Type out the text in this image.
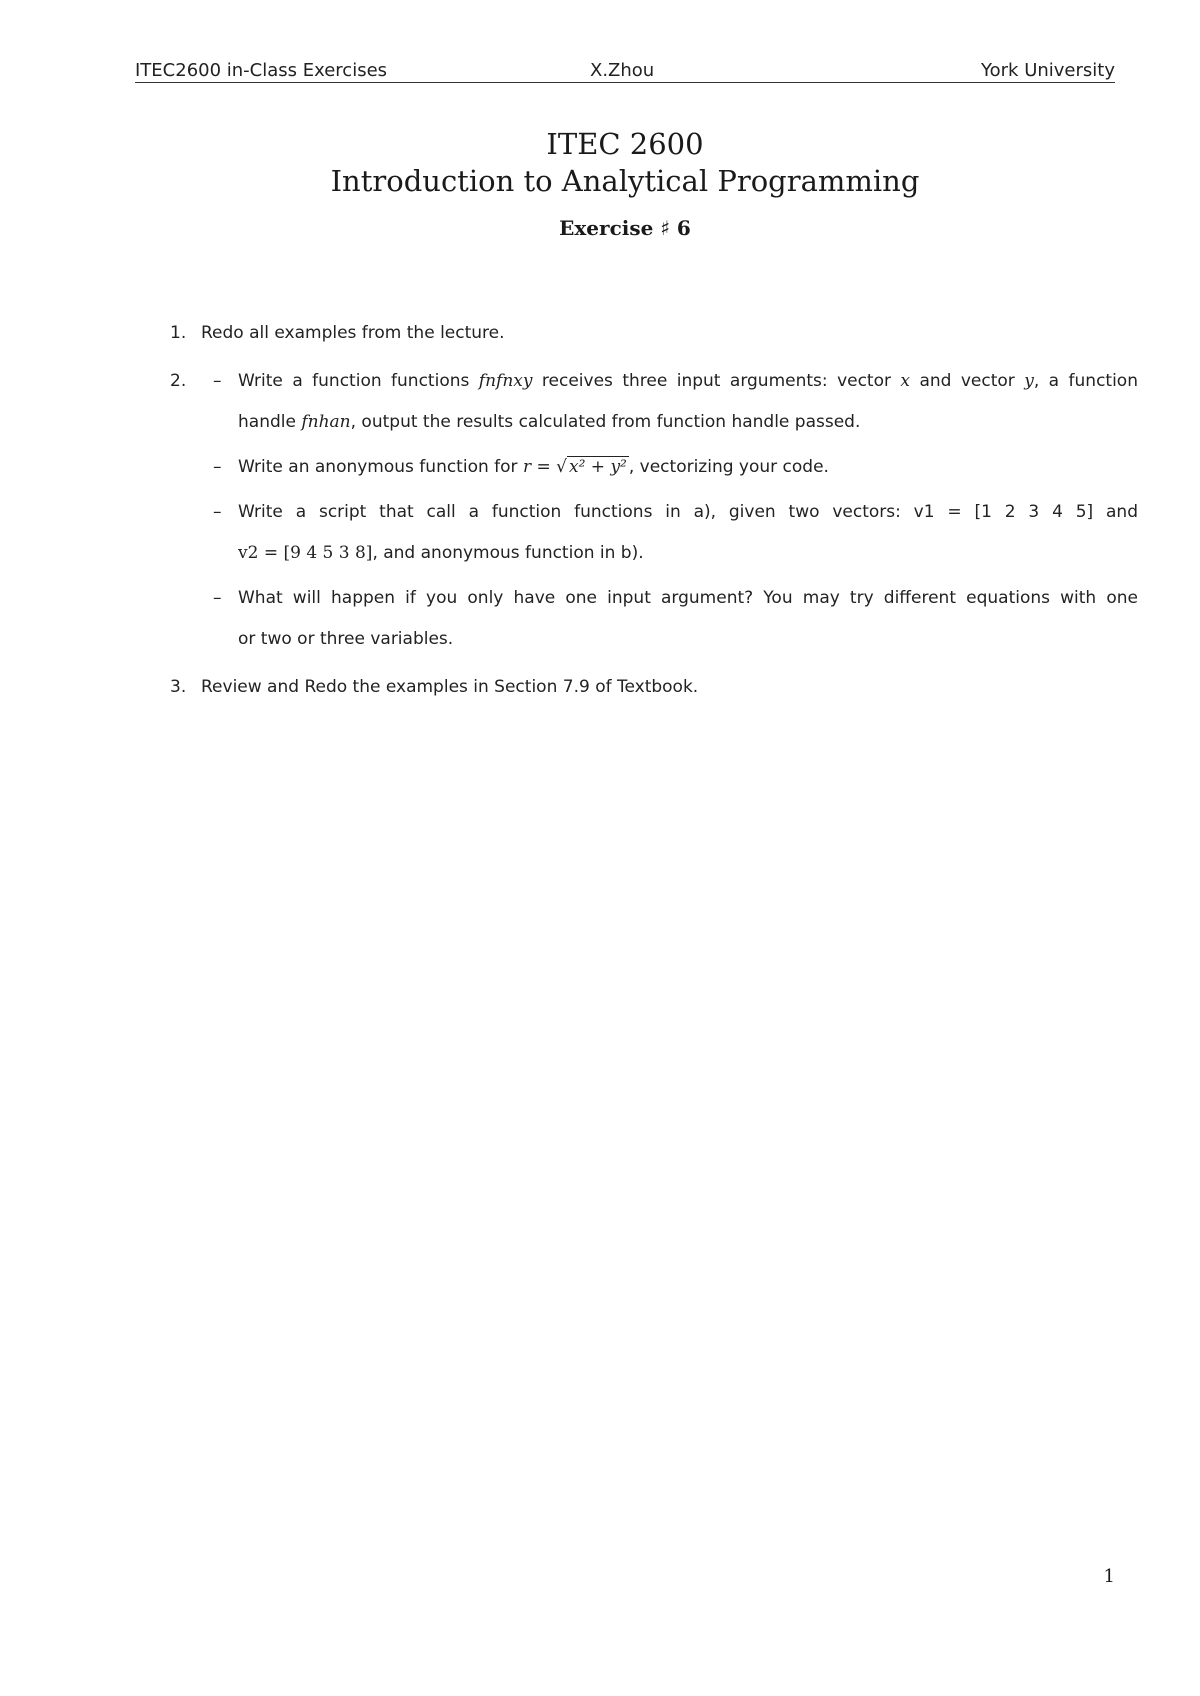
ITEC2600 in-Class Exercises	X.Zhou	York University
ITEC 2600
Introduction to Analytical Programming
Exercise ♯ 6
1. Redo all examples from the lecture.
2. – Write a function functions fnfnxy receives three input arguments: vector x and vector y, a function
handle fnhan, output the results calculated from function handle passed.
– Write an anonymous function for r = √ x² + y² , vectorizing your code.
– Write a script that call a function functions in a), given two vectors: v1 = [1 2 3 4 5] and
v2 = [9 4 5 3 8], and anonymous function in b).
– What will happen if you only have one input argument? You may try different equations with one
or two or three variables.
3. Review and Redo the examples in Section 7.9 of Textbook.
1
